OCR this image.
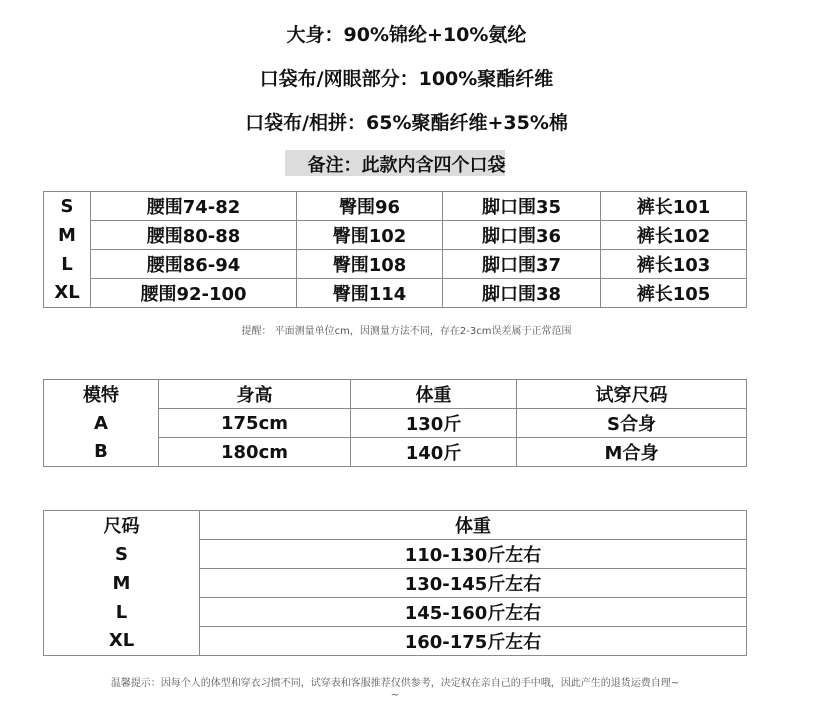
大身：90%锦纶+10%氨纶
口袋布/网眼部分：100%聚酯纤维
口袋布/相拼：65%聚酯纤维+35%棉
备注：此款内含四个口袋
S	腰围74-82	臀围96	脚口围35	裤长101
M	腰围80-88	臀围102	脚口围36	裤长102
L	腰围86-94	臀围108	脚口围37	裤长103
XL	腰围92-100	臀围114	脚口围38	裤长105
提醒： 平面测量单位cm，因测量方法不同，存在2-3cm误差属于正常范围
模特	身高	体重	试穿尺码
A	175cm	130斤	S合身
B	180cm	140斤	M合身
尺码	体重
S	110-130斤左右
M	130-145斤左右
L	145-160斤左右
XL	160-175斤左右
温馨提示：因每个人的体型和穿衣习惯不同，试穿表和客服推荐仅供参考，决定权在亲自己的手中哦，因此产生的退货运费自理~
~
